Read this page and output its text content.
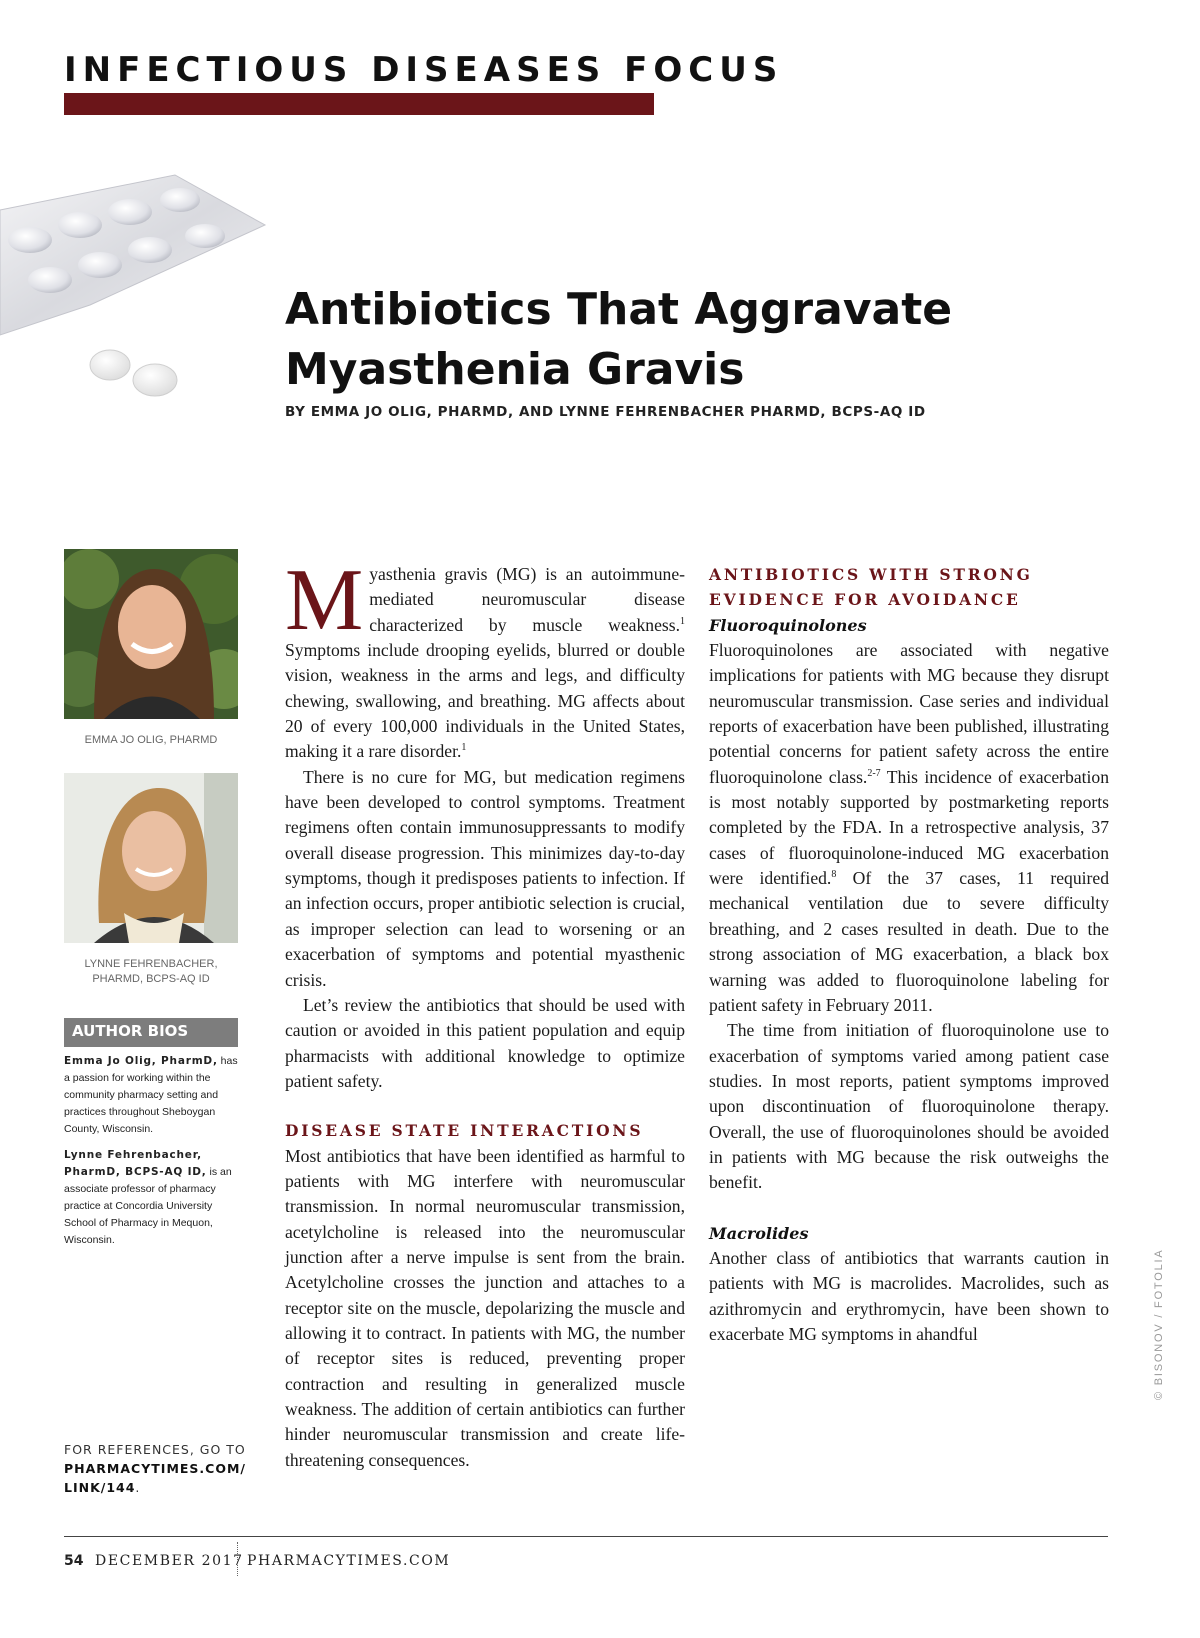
INFECTIOUS DISEASES FOCUS
Antibiotics That Aggravate
Myasthenia Gravis
BY EMMA JO OLIG, PHARMD, AND LYNNE FEHRENBACHER PHARMD, BCPS-AQ ID
EMMA JO OLIG, PHARMD
LYNNE FEHRENBACHER,
PHARMD, BCPS-AQ ID
AUTHOR BIOS
Emma Jo Olig, PharmD, has a passion for working within the community pharmacy setting and practices throughout Sheboygan County, Wisconsin.
Lynne Fehrenbacher, PharmD, BCPS-AQ ID, is an associate professor of pharmacy practice at Concordia University School of Pharmacy in Mequon, Wisconsin.
FOR REFERENCES, GO TO
PHARMACYTIMES.COM/ LINK/144.

Myasthenia gravis (MG) is an autoimmune-mediated neuromuscular disease characterized by muscle weakness.$^1$ Symptoms include drooping eyelids, blurred or double vision, weakness in the arms and legs, and difficulty chewing, swallowing, and breathing. MG affects about 20 of every 100,000 individuals in the United States, making it a rare disorder.$^1$

There is no cure for MG, but medication regimens have been developed to control symptoms. Treatment regimens often contain immunosuppressants to modify overall disease progression. This minimizes day-to-day symptoms, though it predisposes patients to infection. If an infection occurs, proper antibiotic selection is crucial, as improper selection can lead to worsening or an exacerbation of symptoms and potential myasthenic crisis.

Let’s review the antibiotics that should be used with caution or avoided in this patient population and equip pharmacists with additional knowledge to optimize patient safety.

DISEASE STATE INTERACTIONS

Most antibiotics that have been identified as harmful to patients with MG interfere with neuromuscular transmission. In normal neuromuscular transmission, acetylcholine is released into the neuromuscular junction after a nerve impulse is sent from the brain. Acetylcholine crosses the junction and attaches to a receptor site on the muscle, depolarizing the muscle and allowing it to contract. In patients with MG, the number of receptor sites is reduced, preventing proper contraction and resulting in generalized muscle weakness. The addition of certain antibiotics can further hinder neuromuscular transmission and create life-threatening consequences.

ANTIBIOTICS WITH STRONG
EVIDENCE FOR AVOIDANCE
Fluoroquinolones

Fluoroquinolones are associated with negative implications for patients with MG because they disrupt neuromuscular transmission. Case series and individual reports of exacerbation have been published, illustrating potential concerns for patient safety across the entire fluoroquinolone class.$^{2-7}$ This incidence of exacerbation is most notably supported by postmarketing reports completed by the FDA. In a retrospective analysis, 37 cases of fluoroquinolone-induced MG exacerbation were identified.$^8$ Of the 37 cases, 11 required mechanical ventilation due to severe difficulty breathing, and 2 cases resulted in death. Due to the strong association of MG exacerbation, a black box warning was added to fluoroquinolone labeling for patient safety in February 2011.

The time from initiation of fluoroquinolone use to exacerbation of symptoms varied among patient case studies. In most reports, patient symptoms improved upon discontinuation of fluoroquinolone therapy. Overall, the use of fluoroquinolones should be avoided in patients with MG because the risk outweighs the benefit.

Macrolides

Another class of antibiotics that warrants caution in patients with MG is macrolides. Macrolides, such as azithromycin and erythromycin, have been shown to exacerbate MG symptoms in ahandful	© BISONOV / FOTOLIA
54 DECEMBER 2017 PHARMACYTIMES.COM
